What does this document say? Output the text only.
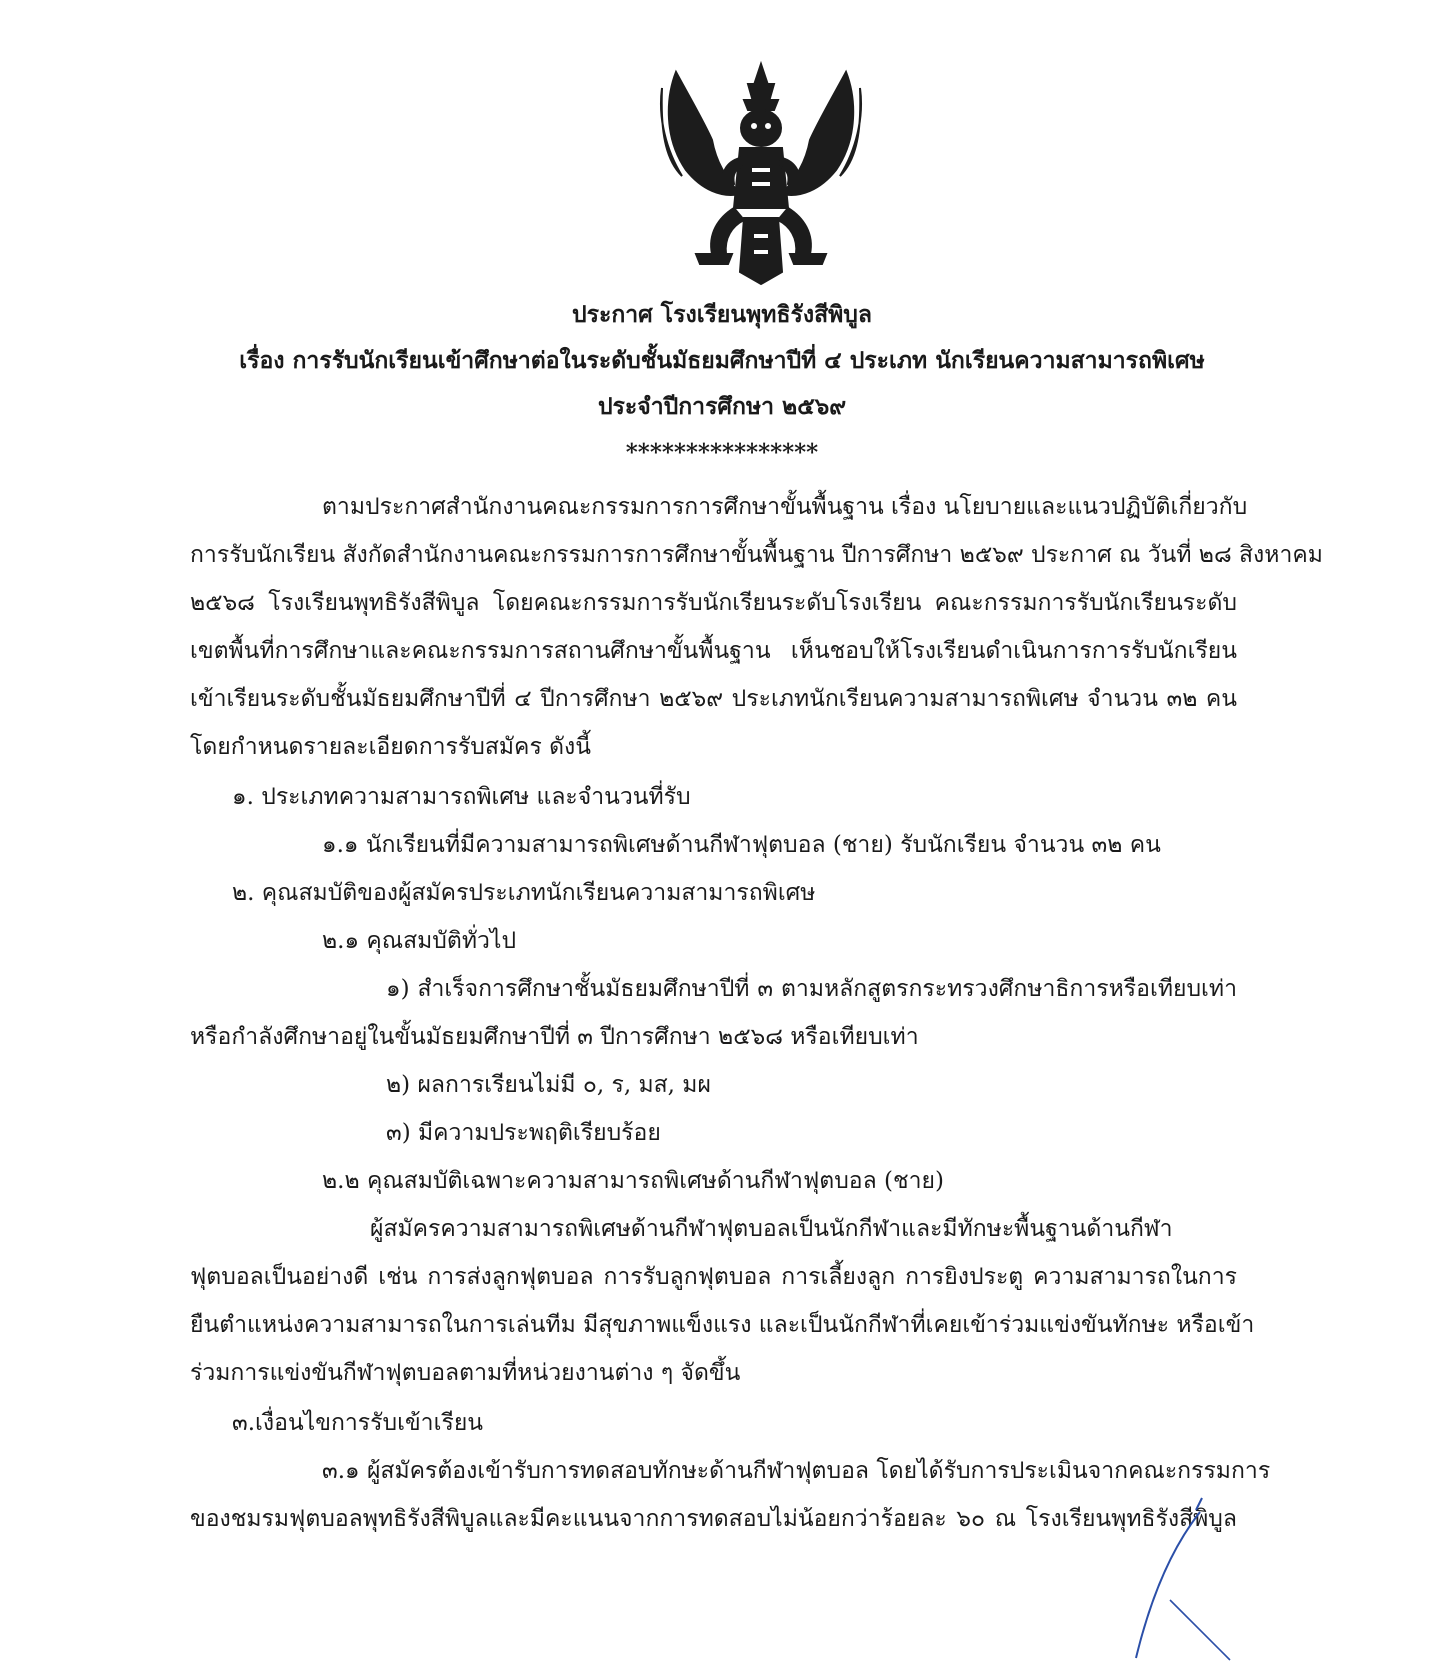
ประกาศ โรงเรียนพุทธิรังสีพิบูล
เรื่อง การรับนักเรียนเข้าศึกษาต่อในระดับชั้นมัธยมศึกษาปีที่ ๔ ประเภท นักเรียนความสามารถพิเศษ
ประจำปีการศึกษา ๒๕๖๙
****************
ตามประกาศสำนักงานคณะกรรมการการศึกษาขั้นพื้นฐาน เรื่อง นโยบายและแนวปฏิบัติเกี่ยวกับ
การรับนักเรียน สังกัดสำนักงานคณะกรรมการการศึกษาขั้นพื้นฐาน ปีการศึกษา ๒๕๖๙ ประกาศ ณ วันที่ ๒๘ สิงหาคม
๒๕๖๘ โรงเรียนพุทธิรังสีพิบูล โดยคณะกรรมการรับนักเรียนระดับโรงเรียน คณะกรรมการรับนักเรียนระดับ
เขตพื้นที่การศึกษาและคณะกรรมการสถานศึกษาขั้นพื้นฐาน เห็นชอบให้โรงเรียนดำเนินการการรับนักเรียน
เข้าเรียนระดับชั้นมัธยมศึกษาปีที่ ๔ ปีการศึกษา ๒๕๖๙ ประเภทนักเรียนความสามารถพิเศษ จำนวน ๓๒ คน
โดยกำหนดรายละเอียดการรับสมัคร ดังนี้
๑. ประเภทความสามารถพิเศษ และจำนวนที่รับ
๑.๑ นักเรียนที่มีความสามารถพิเศษด้านกีฬาฟุตบอล (ชาย) รับนักเรียน จำนวน ๓๒ คน
๒. คุณสมบัติของผู้สมัครประเภทนักเรียนความสามารถพิเศษ
๒.๑ คุณสมบัติทั่วไป
๑) สำเร็จการศึกษาชั้นมัธยมศึกษาปีที่ ๓ ตามหลักสูตรกระทรวงศึกษาธิการหรือเทียบเท่า
หรือกำลังศึกษาอยู่ในขั้นมัธยมศึกษาปีที่ ๓ ปีการศึกษา ๒๕๖๘ หรือเทียบเท่า
๒) ผลการเรียนไม่มี ๐, ร, มส, มผ
๓) มีความประพฤติเรียบร้อย
๒.๒ คุณสมบัติเฉพาะความสามารถพิเศษด้านกีฬาฟุตบอล (ชาย)
ผู้สมัครความสามารถพิเศษด้านกีฬาฟุตบอลเป็นนักกีฬาและมีทักษะพื้นฐานด้านกีฬา
ฟุตบอลเป็นอย่างดี เช่น การส่งลูกฟุตบอล การรับลูกฟุตบอล การเลี้ยงลูก การยิงประตู ความสามารถในการ
ยืนตำแหน่งความสามารถในการเล่นทีม มีสุขภาพแข็งแรง และเป็นนักกีฬาที่เคยเข้าร่วมแข่งขันทักษะ หรือเข้า
ร่วมการแข่งขันกีฬาฟุตบอลตามที่หน่วยงานต่าง ๆ จัดขึ้น
๓.เงื่อนไขการรับเข้าเรียน
๓.๑ ผู้สมัครต้องเข้ารับการทดสอบทักษะด้านกีฬาฟุตบอล โดยได้รับการประเมินจากคณะกรรมการ
ของชมรมฟุตบอลพุทธิรังสีพิบูลและมีคะแนนจากการทดสอบไม่น้อยกว่าร้อยละ ๖๐ ณ โรงเรียนพุทธิรังสีพิบูล
